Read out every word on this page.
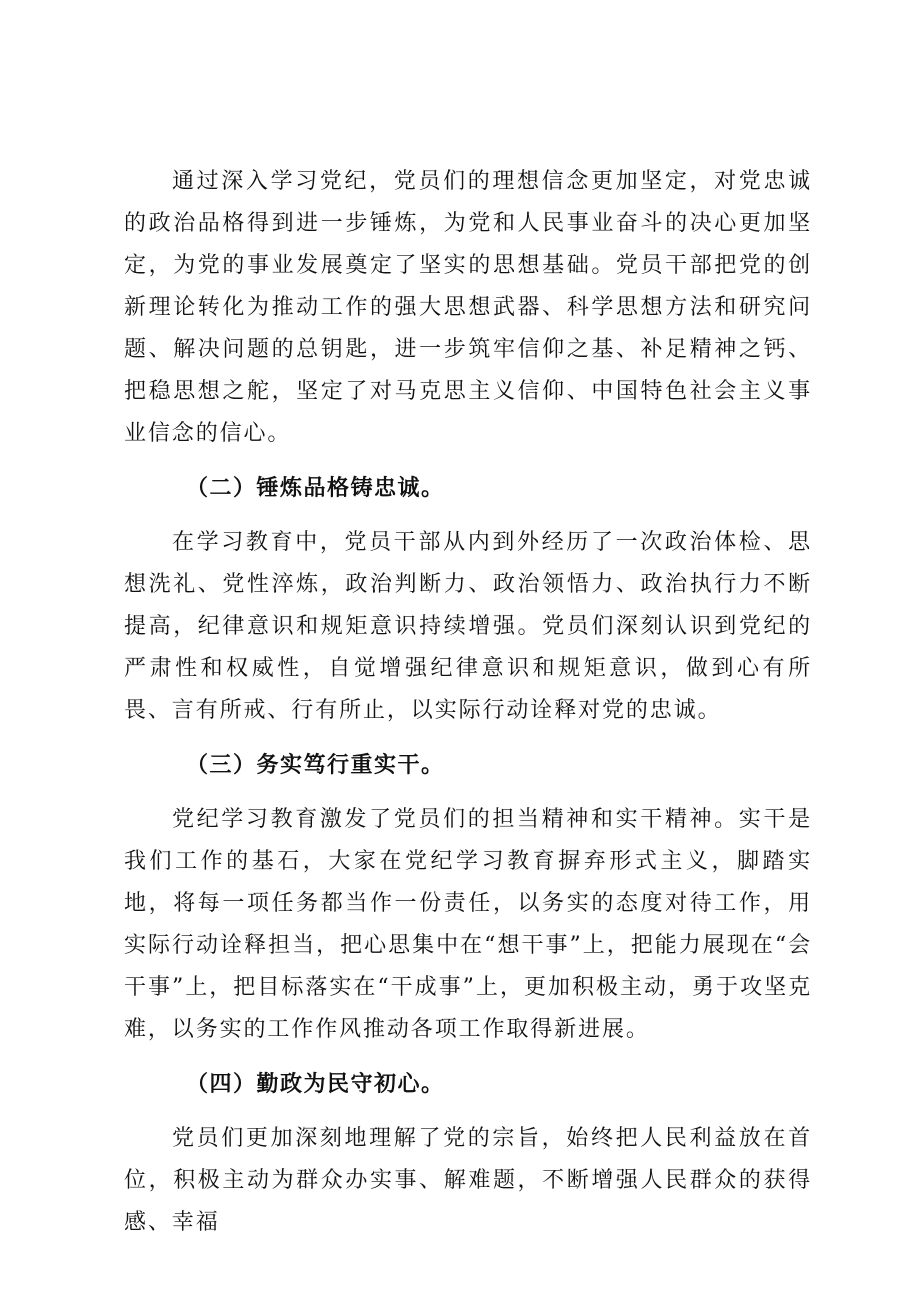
通过深入学习党纪，党员们的理想信念更加坚定，对党忠诚的政治品格得到进一步锤炼，为党和人民事业奋斗的决心更加坚定，为党的事业发展奠定了坚实的思想基础。党员干部把党的创新理论转化为推动工作的强大思想武器、科学思想方法和研究问题、解决问题的总钥匙，进一步筑牢信仰之基、补足精神之钙、把稳思想之舵，坚定了对马克思主义信仰、中国特色社会主义事业信念的信心。

（二）锤炼品格铸忠诚。

在学习教育中，党员干部从内到外经历了一次政治体检、思想洗礼、党性淬炼，政治判断力、政治领悟力、政治执行力不断提高，纪律意识和规矩意识持续增强。党员们深刻认识到党纪的严肃性和权威性，自觉增强纪律意识和规矩意识，做到心有所畏、言有所戒、行有所止，以实际行动诠释对党的忠诚。

（三）务实笃行重实干。

党纪学习教育激发了党员们的担当精神和实干精神。实干是我们工作的基石，大家在党纪学习教育摒弃形式主义，脚踏实地，将每一项任务都当作一份责任，以务实的态度对待工作，用实际行动诠释担当，把心思集中在“想干事”上，把能力展现在“会干事”上，把目标落实在“干成事”上，更加积极主动，勇于攻坚克难，以务实的工作作风推动各项工作取得新进展。

（四）勤政为民守初心。

党员们更加深刻地理解了党的宗旨，始终把人民利益放在首位，积极主动为群众办实事、解难题，不断增强人民群众的获得感、幸福
